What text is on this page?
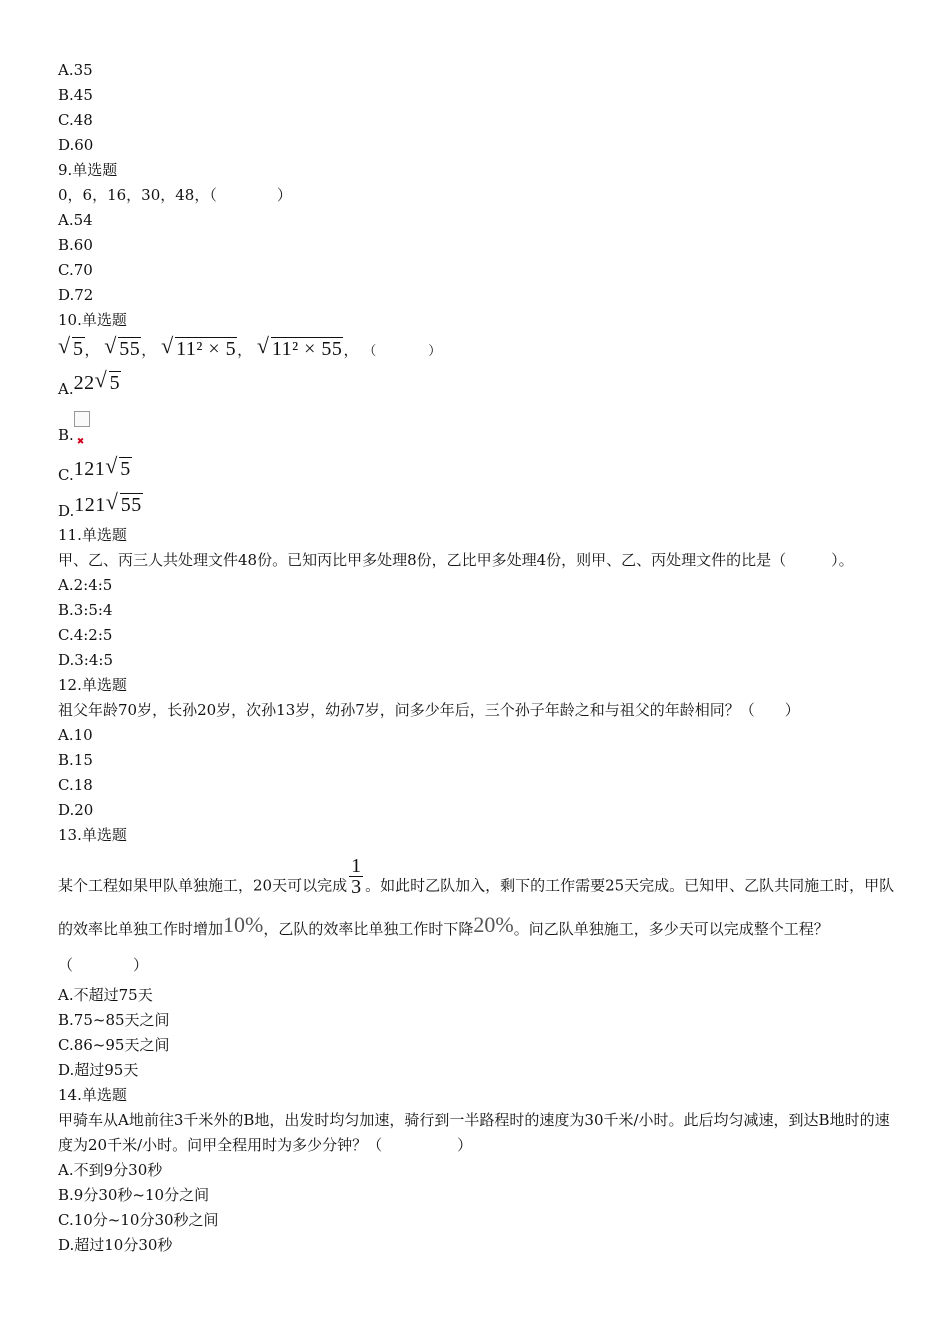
A.35
B.45
C.48
D.60
9.单选题
0，6，16，30，48，（　　　　）
A.54
B.60
C.70
D.72
10.单选题
√ 5， √ 55， √ 11² × 5， √ 11² × 55， （　　　　）
A.22 √ 5
B.✖
C.121 √ 5
D.121 √ 55
11.单选题
甲、乙、丙三人共处理文件48份。已知丙比甲多处理8份，乙比甲多处理4份，则甲、乙、丙处理文件的比是（　　　）。
A.2:4:5
B.3:5:4
C.4:2:5
D.3:4:5
12.单选题
祖父年龄70岁，长孙20岁，次孙13岁，幼孙7岁，问多少年后，三个孙子年龄之和与祖父的年龄相同？（　　）
A.10
B.15
C.18
D.20
13.单选题
某个工程如果甲队单独施工，20天可以完成 $\frac{1}{3}$ 。如此时乙队加入，剩下的工作需要25天完成。已知甲、乙队共同施工时，甲队的效率比单独工作时增加10%，乙队的效率比单独工作时下降20%。问乙队单独施工，多少天可以完成整个工程？（　　　　）
A.不超过75天
B.75~85天之间
C.86~95天之间
D.超过95天
14.单选题
甲骑车从A地前往3千米外的B地，出发时均匀加速，骑行到一半路程时的速度为30千米/小时。此后均匀减速，到达B地时的速度为20千米/小时。问甲全程用时为多少分钟？（　　　　　）
A.不到9分30秒
B.9分30秒~10分之间
C.10分~10分30秒之间
D.超过10分30秒
